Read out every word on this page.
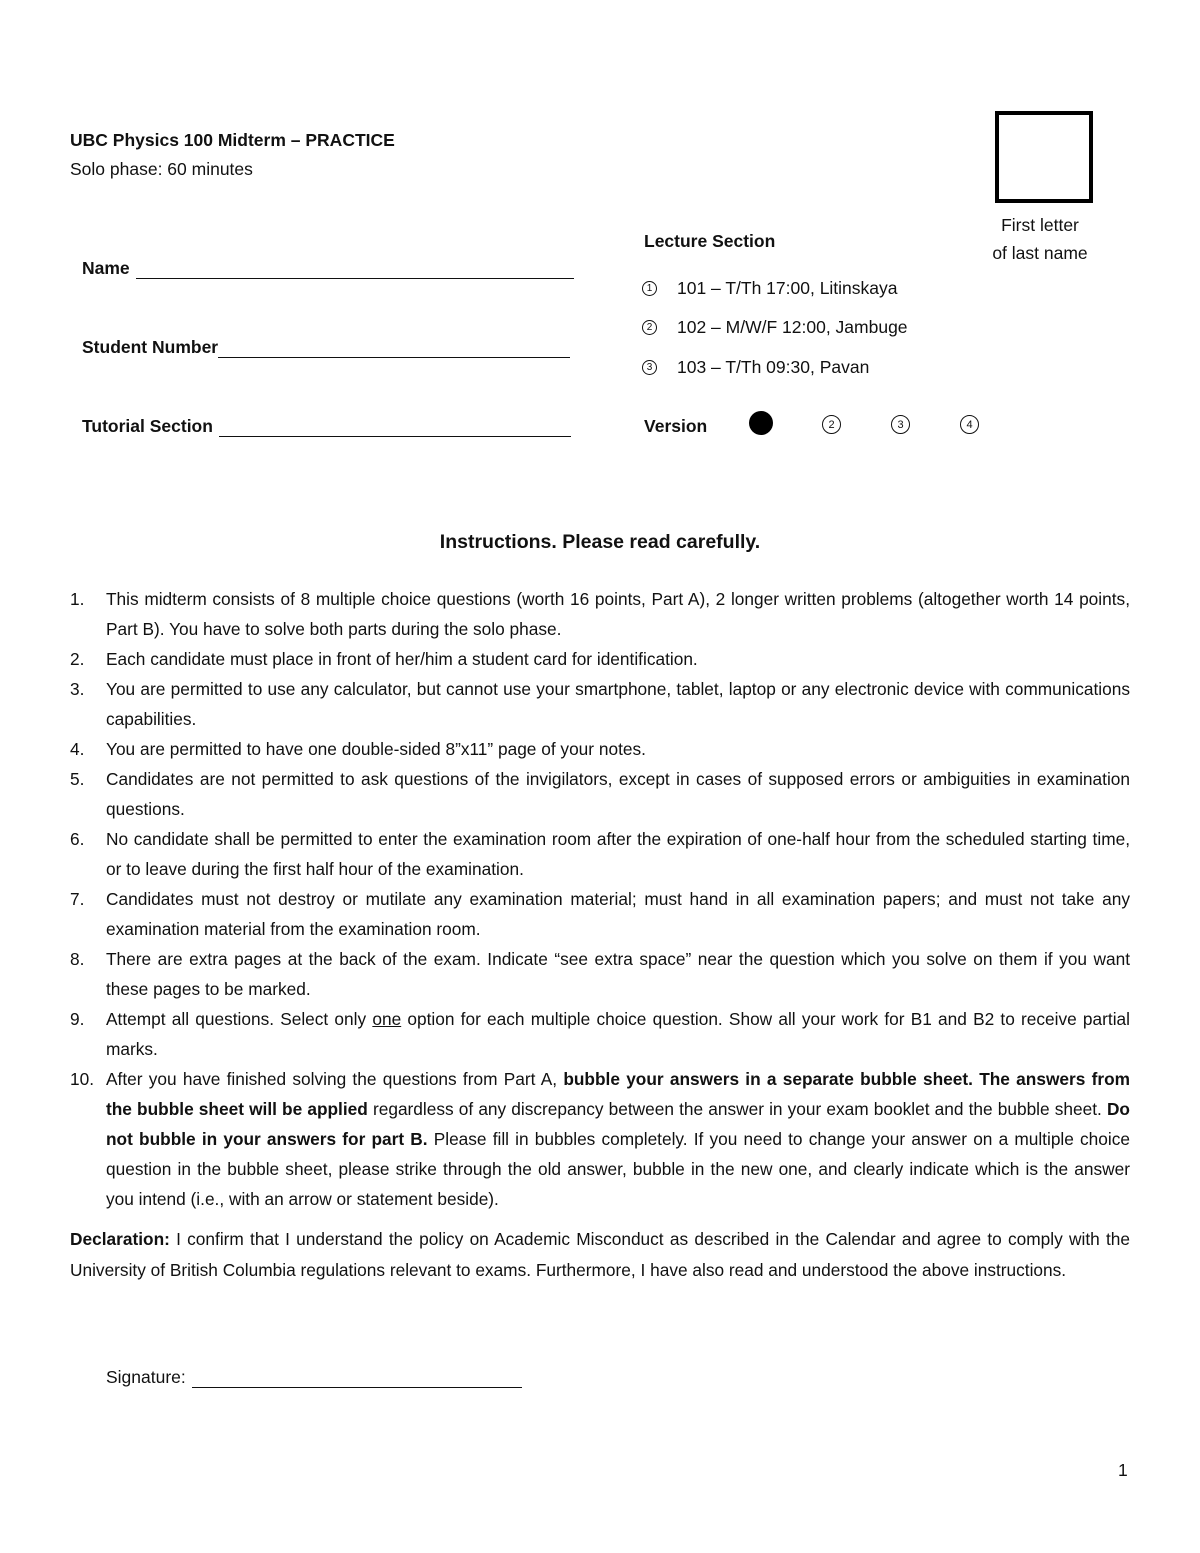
UBC Physics 100 Midterm – PRACTICE
Solo phase: 60 minutes
Name
Student Number
Tutorial Section
First letter
of last name
Lecture Section
1 101 – T/Th 17:00, Litinskaya
2 102 – M/W/F 12:00, Jambuge
3 103 – T/Th 09:30, Pavan
Version	2	3	4
Instructions. Please read carefully.
1.	This midterm consists of 8 multiple choice questions (worth 16 points, Part A), 2 longer written problems (altogether worth 14 points, Part B). You have to solve both parts during the solo phase.
2.	Each candidate must place in front of her/him a student card for identification.
3.	You are permitted to use any calculator, but cannot use your smartphone, tablet, laptop or any electronic device with communications capabilities.
4.	You are permitted to have one double-sided 8”x11” page of your notes.
5.	Candidates are not permitted to ask questions of the invigilators, except in cases of supposed errors or ambiguities in examination questions.
6.	No candidate shall be permitted to enter the examination room after the expiration of one-half hour from the scheduled starting time, or to leave during the first half hour of the examination.
7.	Candidates must not destroy or mutilate any examination material; must hand in all examination papers; and must not take any examination material from the examination room.
8.	There are extra pages at the back of the exam. Indicate “see extra space” near the question which you solve on them if you want these pages to be marked.
9.	Attempt all questions. Select only one option for each multiple choice question. Show all your work for B1 and B2 to receive partial marks.
10. After you have finished solving the questions from Part A, bubble your answers in a separate bubble sheet. The answers from the bubble sheet will be applied regardless of any discrepancy between the answer in your exam booklet and the bubble sheet. Do not bubble in your answers for part B. Please fill in bubbles completely. If you need to change your answer on a multiple choice question in the bubble sheet, please strike through the old answer, bubble in the new one, and clearly indicate which is the answer you intend (i.e., with an arrow or statement beside).
Declaration: I confirm that I understand the policy on Academic Misconduct as described in the Calendar and agree to comply with the University of British Columbia regulations relevant to exams. Furthermore, I have also read and understood the above instructions.
Signature:
1
